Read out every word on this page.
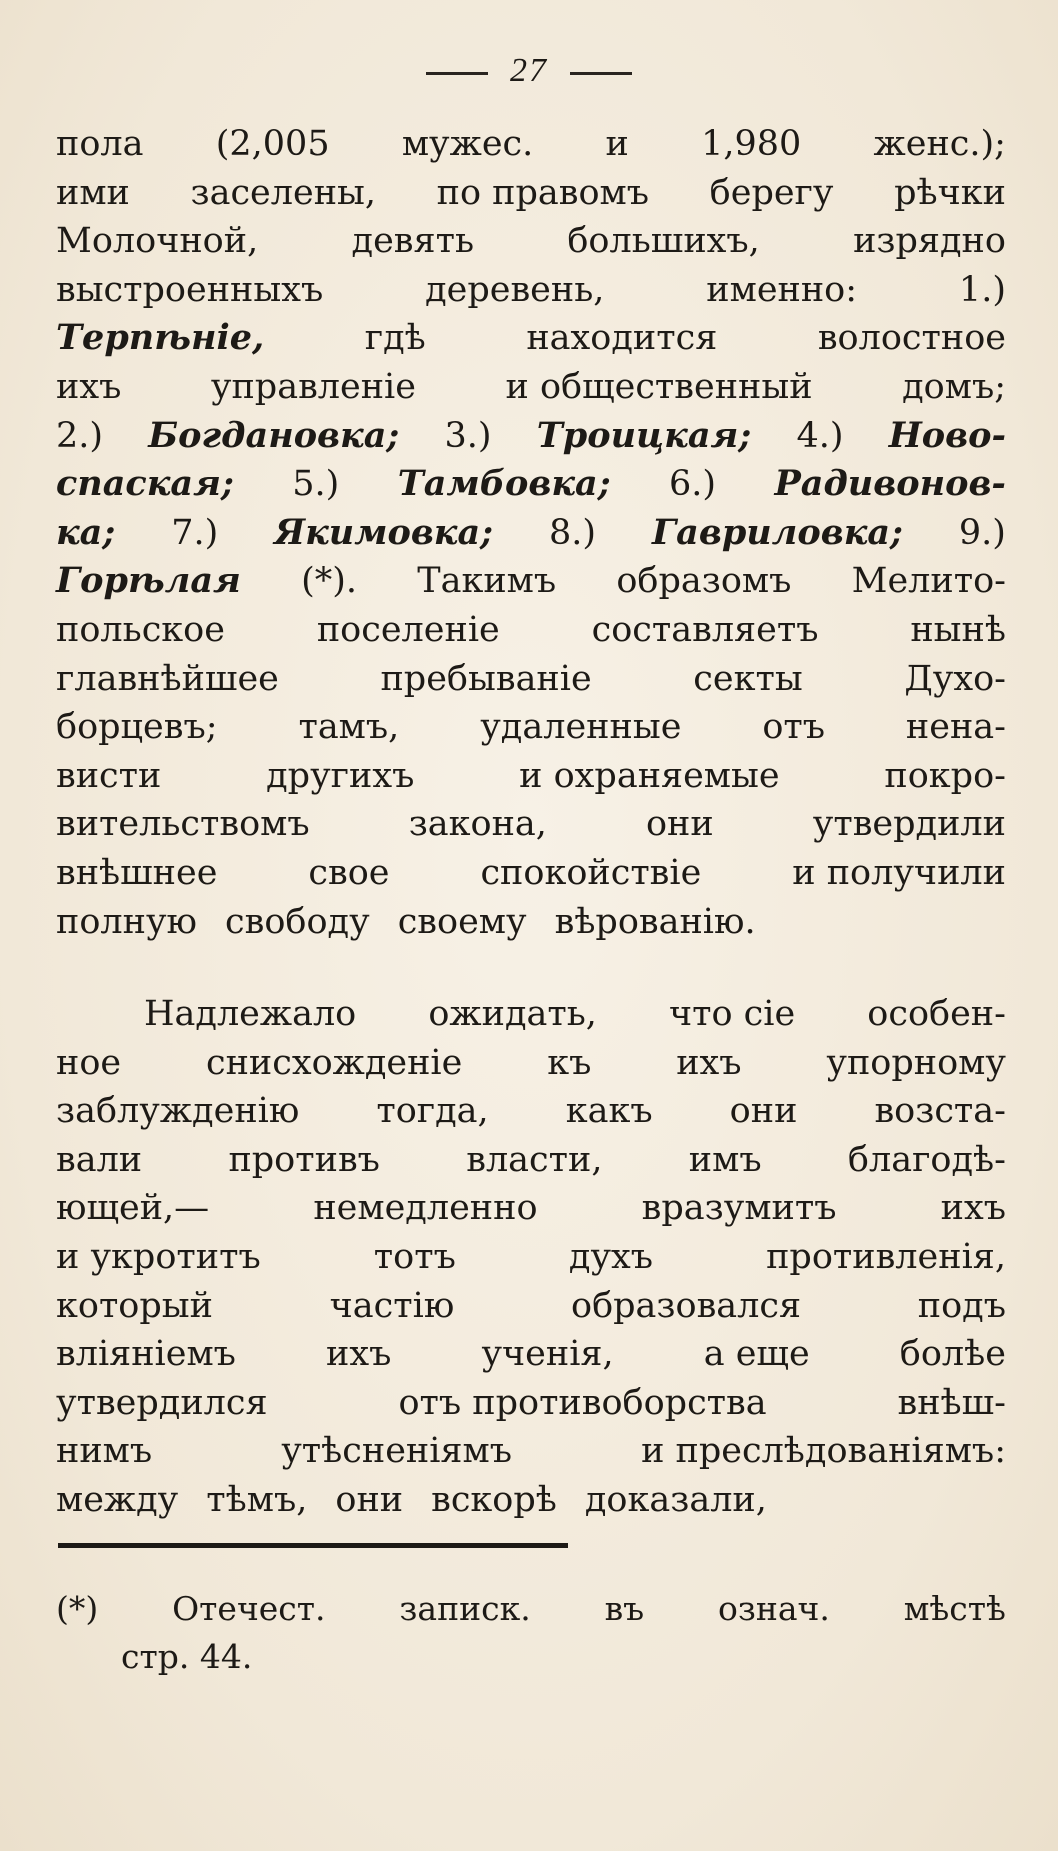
27
пола (2,005 мужес. и 1,980 женс.);
ими заселены, по правомъ берегу рѣчки
Молочной,	девять	большихъ,	изрядно
выстроенныхъ	деревень,	именно:	1.)
Терпѣніе,	гдѣ	находится	волостное
ихъ	управленіе	и общественный	домъ;
2.) Богдановка; 3.) Троицкая; 4.) Ново-
спаская; 5.) Тамбовка; 6.) Радивонов-
ка; 7.) Якимовка; 8.) Гавриловка; 9.)
Горѣлая (*). Такимъ образомъ Мелито-
польское	поселеніе	составляетъ	нынѣ
главнѣйшее	пребываніе	секты	Духо-
борцевъ; тамъ, удаленные отъ нена-
висти	другихъ	и охраняемые	покро-
вительствомъ	закона,	они	утвердили
внѣшнее	свое	спокойствіе	и получили
полную свободу своему вѣрованію.
Надлежало ожидать, что сіе особен-
ное снисхожденіе къ ихъ упорному
заблужденію тогда, какъ они возста-
вали противъ власти, имъ благодѣ-
ющей,—	немедленно	вразумитъ	ихъ
и укротитъ	тотъ	духъ	противленія,
который	частію	образовался	подъ
вліяніемъ	ихъ	ученія,	а еще	болѣе
утвердился	отъ противоборства	внѣш-
нимъ	утѣсненіямъ	и преслѣдованіямъ:
между тѣмъ, они вскорѣ доказали,
(*) Отечест. записк. въ означ. мѣстѣ
стр. 44.
